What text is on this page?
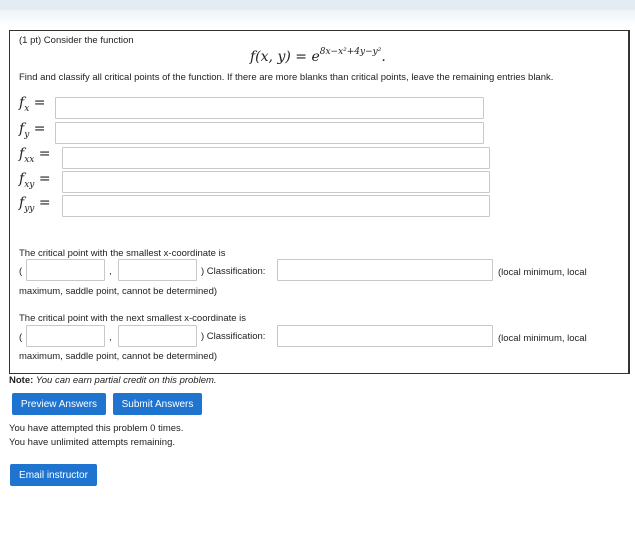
(1 pt) Consider the function
f(x, $y) = e^{8x-x^2+4y-y^2}$.
Find and classify all critical points of the function. If there are more blanks than critical points, leave the remaining entries blank.
$f_x$ =
$f_y$ =
$f_{xx}$ =
$f_{xy}$ =
$f_{yy}$ =
The critical point with the smallest x-coordinate is
(	,	) Classification:	(local minimum, local
maximum, saddle point, cannot be determined)
The critical point with the next smallest x-coordinate is
(	,	) Classification:	(local minimum, local
maximum, saddle point, cannot be determined)
Note: You can earn partial credit on this problem.
Preview Answers	Submit Answers
You have attempted this problem 0 times.
You have unlimited attempts remaining.
Email instructor
